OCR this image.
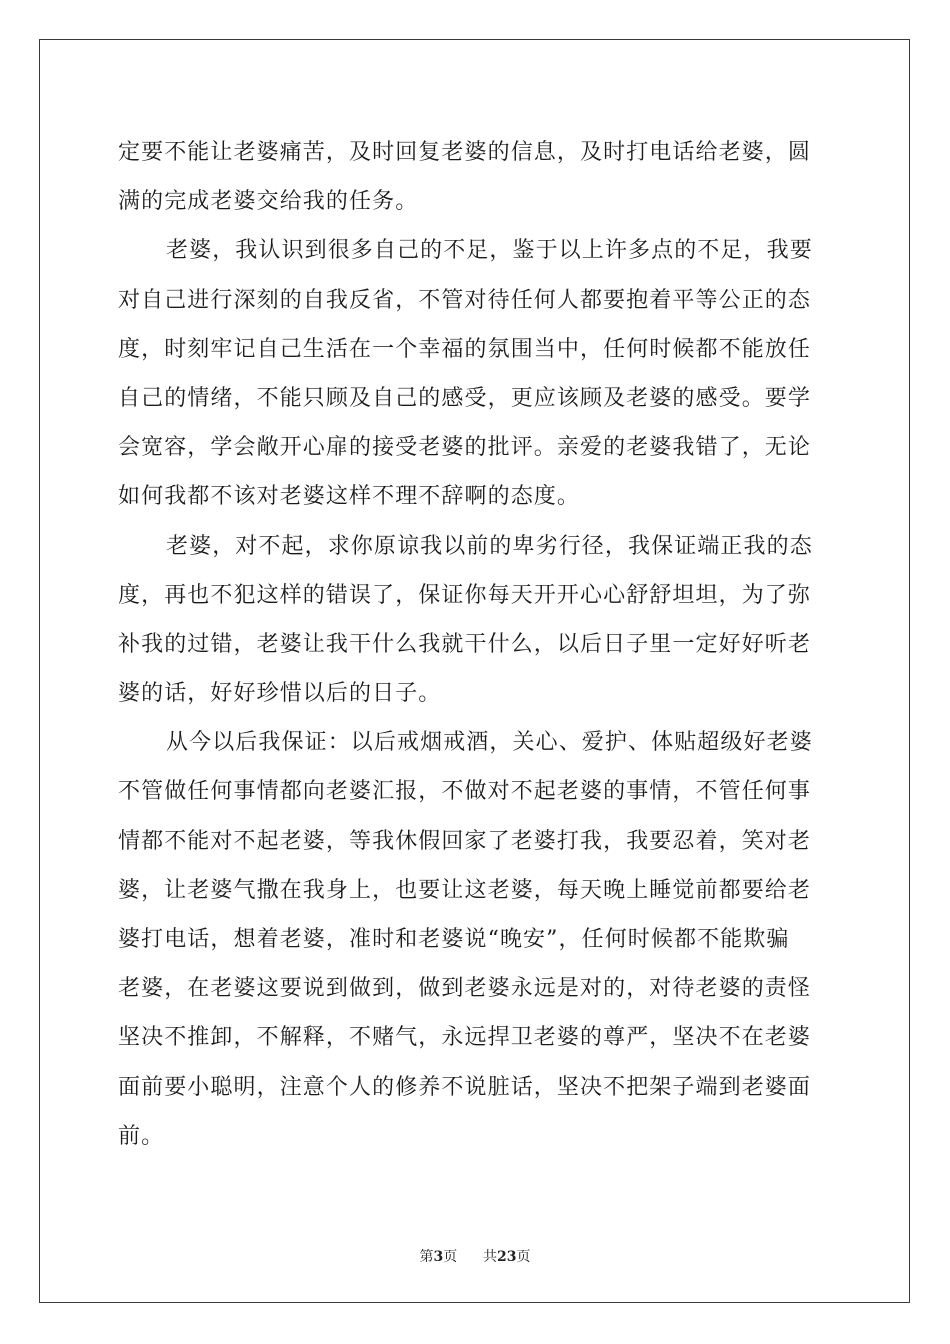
定要不能让老婆痛苦，及时回复老婆的信息，及时打电话给老婆，圆
满的完成老婆交给我的任务。
老婆，我认识到很多自己的不足，鉴于以上许多点的不足，我要
对自己进行深刻的自我反省，不管对待任何人都要抱着平等公正的态
度，时刻牢记自己生活在一个幸福的氛围当中，任何时候都不能放任
自己的情绪，不能只顾及自己的感受，更应该顾及老婆的感受。要学
会宽容，学会敞开心扉的接受老婆的批评。亲爱的老婆我错了，无论
如何我都不该对老婆这样不理不辞啊的态度。
老婆，对不起，求你原谅我以前的卑劣行径，我保证端正我的态
度，再也不犯这样的错误了，保证你每天开开心心舒舒坦坦，为了弥
补我的过错，老婆让我干什么我就干什么，以后日子里一定好好听老
婆的话，好好珍惜以后的日子。
从今以后我保证：以后戒烟戒酒，关心、爱护、体贴超级好老婆
不管做任何事情都向老婆汇报，不做对不起老婆的事情，不管任何事
情都不能对不起老婆，等我休假回家了老婆打我，我要忍着，笑对老
婆，让老婆气撒在我身上，也要让这老婆，每天晚上睡觉前都要给老
婆打电话，想着老婆，准时和老婆说“晚安”，任何时候都不能欺骗
老婆，在老婆这要说到做到，做到老婆永远是对的，对待老婆的责怪
坚决不推卸，不解释，不赌气，永远捍卫老婆的尊严，坚决不在老婆
面前要小聪明，注意个人的修养不说脏话，坚决不把架子端到老婆面
前。
第3页 共23页
